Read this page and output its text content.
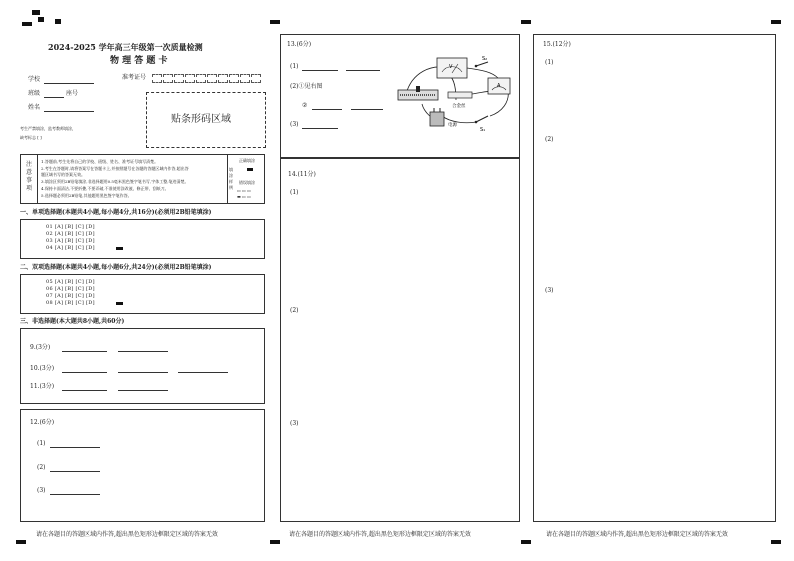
2024-2025 学年高三年级第一次质量检测
物 理 答 题 卡
学校
班级	座号
姓名
准考证号
贴条形码区域
考生严禁填涂，监考教师填涂，
缺考标志 [ ]
注 意 事 项
1.答题前,考生先将自己的学校、班级、姓名、准考证号填写清楚。
2.考生在答题时,请将答案写在答题卡上,并按照题号在各题的答题区域内作答,超出答
题区域书写的答案无效。
3.填涂区须用2B铅笔填涂,非选择题用0.5毫米黑色签字笔书写,字体工整,笔迹清楚。
4.保持卡面清洁,不要折叠,不要弄破,不准使用涂改液、修正带、刮纸刀。
5.选择题必须用2B铅笔,其他题用黑色签字笔作答。
填 涂 样 例
正确填涂
错误填涂
▭ ▭ ▭
▬ ▭ ▭
一、单项选择题(本题共4小题,每小题4分,共16分)(必须用2B铅笔填涂)
01 [A] [B] [C] [D]
02 [A] [B] [C] [D]
03 [A] [B] [C] [D]
04 [A] [B] [C] [D]
二、双项选择题(本题共4小题,每小题6分,共24分)(必须用2B铅笔填涂)
05 [A] [B] [C] [D]
06 [A] [B] [C] [D]
07 [A] [B] [C] [D]
08 [A] [B] [C] [D]
三、非选择题(本大题共8小题,共60分)
9.(3分)
10.(3分)
11.(3分)
12.(6分)
(1)
(2)
(3)
请在各题目的答题区域内作答,超出黑色矩形边框限定区域的答案无效
13.(6分)
(1)
(2)①见右图
②
(3)
V
S₂
合金丝
A
电源
S₁
14.(11分)
(1)
(2)
(3)
请在各题目的答题区域内作答,超出黑色矩形边框限定区域的答案无效
15.(12分)
(1)
(2)
(3)
请在各题目的答题区域内作答,超出黑色矩形边框限定区域的答案无效
